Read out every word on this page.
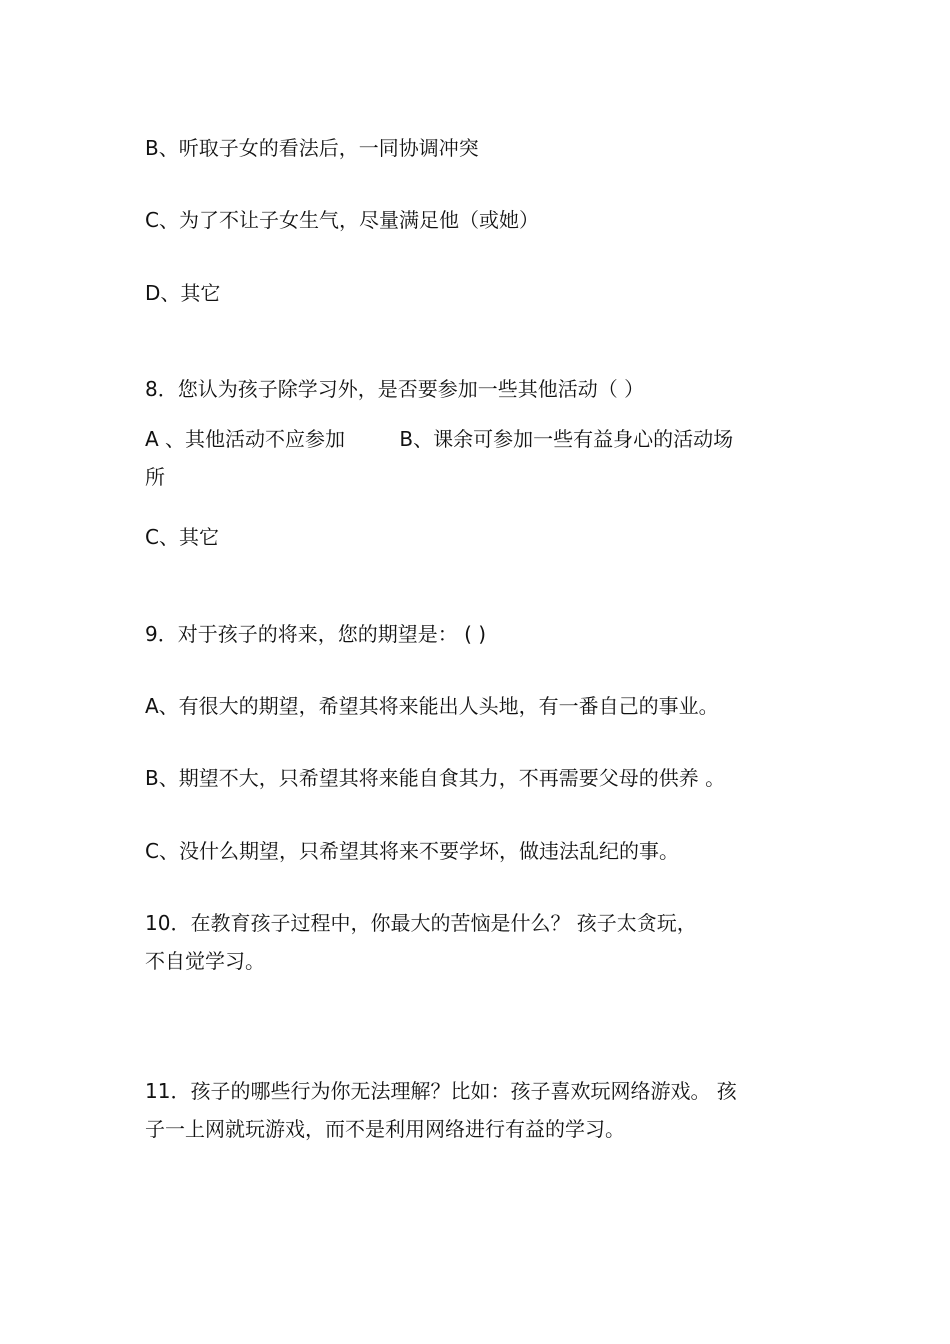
B、听取子女的看法后，一同协调冲突
C、为了不让子女生气，尽量满足他（或她）
D、其它
8．您认为孩子除学习外，是否要参加一些其他活动（ ）
A 、其他活动不应参加	B、课余可参加一些有益身心的活动场
所
C、其它
9．对于孩子的将来，您的期望是： ( )
A、有很大的期望，希望其将来能出人头地，有一番自己的事业。
B、期望不大，只希望其将来能自食其力，不再需要父母的供养 。
C、没什么期望，只希望其将来不要学坏，做违法乱纪的事。
10．在教育孩子过程中，你最大的苦恼是什么？ 孩子太贪玩，
不自觉学习。
11．孩子的哪些行为你无法理解？比如：孩子喜欢玩网络游戏。 孩
子一上网就玩游戏，而不是利用网络进行有益的学习。
